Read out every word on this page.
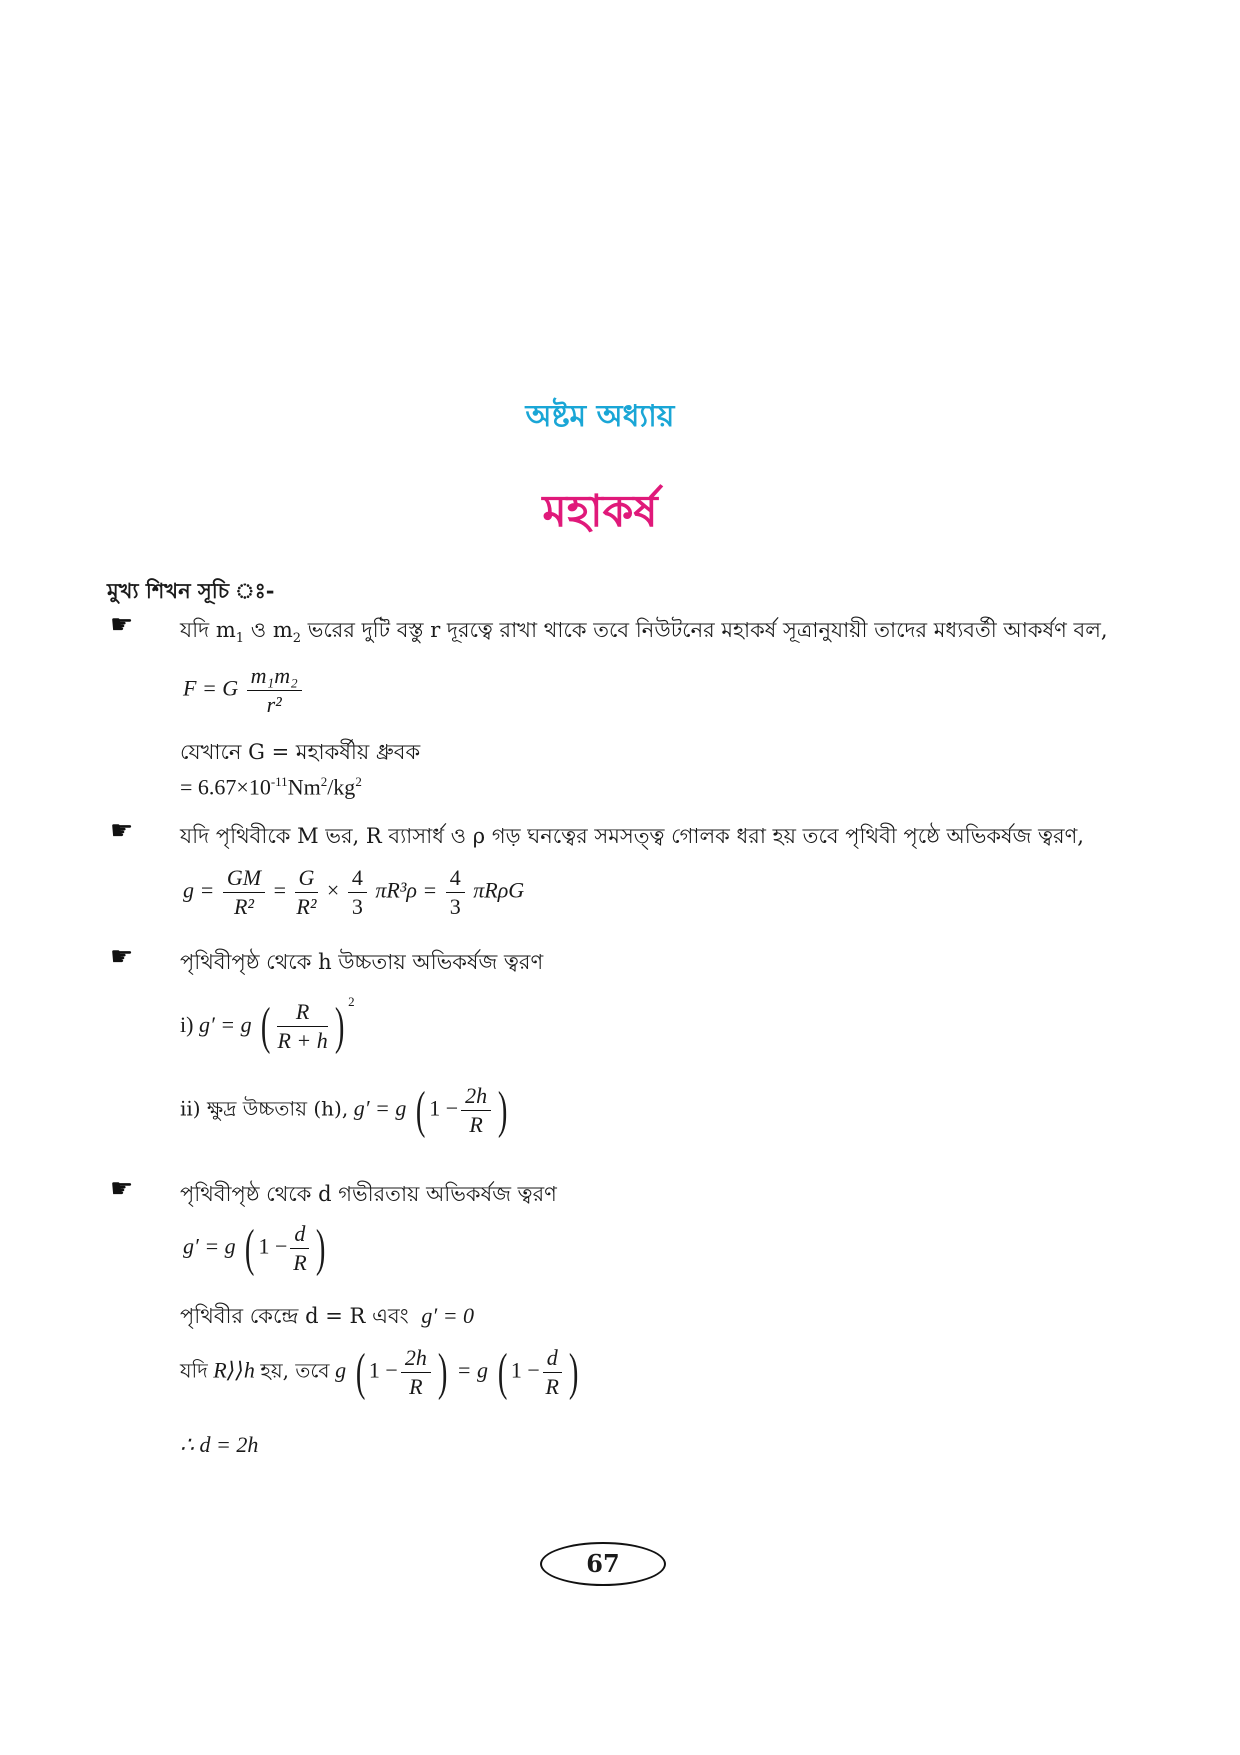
অষ্টম অধ্যায়
মহাকর্ষ
মুখ্য শিখন সূচি ঃ-
☛ যদি $m_1$ ও $m_2$ ভরের দুটি বস্তু r দূরত্বে রাখা থাকে তবে নিউটনের মহাকর্ষ সূত্রানুযায়ী তাদের মধ্যবর্তী আকর্ষণ বল,
F = G $\frac{\text{m₁m₂}}{\text{r²}}$
যেখানে G = মহাকর্ষীয় ধ্রুবক
= $6.67\times 10^{-11}Nm^2/kg^2$
☛ যদি পৃথিবীকে M ভর, R ব্যাসার্ধ ও ρ গড় ঘনত্বের সমসত্ত্ব গোলক ধরা হয় তবে পৃথিবী পৃষ্ঠে অভিকর্ষজ ত্বরণ,
$g = \frac{GM}{\text{R²}} = \frac{G}{\text{R²}} \times \frac{4}{3} \pi R^3\rho = \frac{4}{3}$ πRρG
☛ পৃথিবীপৃষ্ঠ থেকে h উচ্চতায় অভিকর্ষজ ত্বরণ
i) g′ = g ( $\frac{R}{R + h}$ ) $^2$
ii) ক্ষুদ্র উচ্চতায় (h), g′ = g ( $1 - \frac{2h}{R}$ )
☛ পৃথিবীপৃষ্ঠ থেকে d গভীরতায় অভিকর্ষজ ত্বরণ
g′ = g ( $1 - \frac{d}{R}$ )
পৃথিবীর কেন্দ্রে d = R এবং g′ = 0
যদি R⟩⟩h হয়, তবে g ( $1 - \frac{2h}{R}$ ) = g ( $1 - \frac{d}{R}$ )
∴ d = 2h
67
